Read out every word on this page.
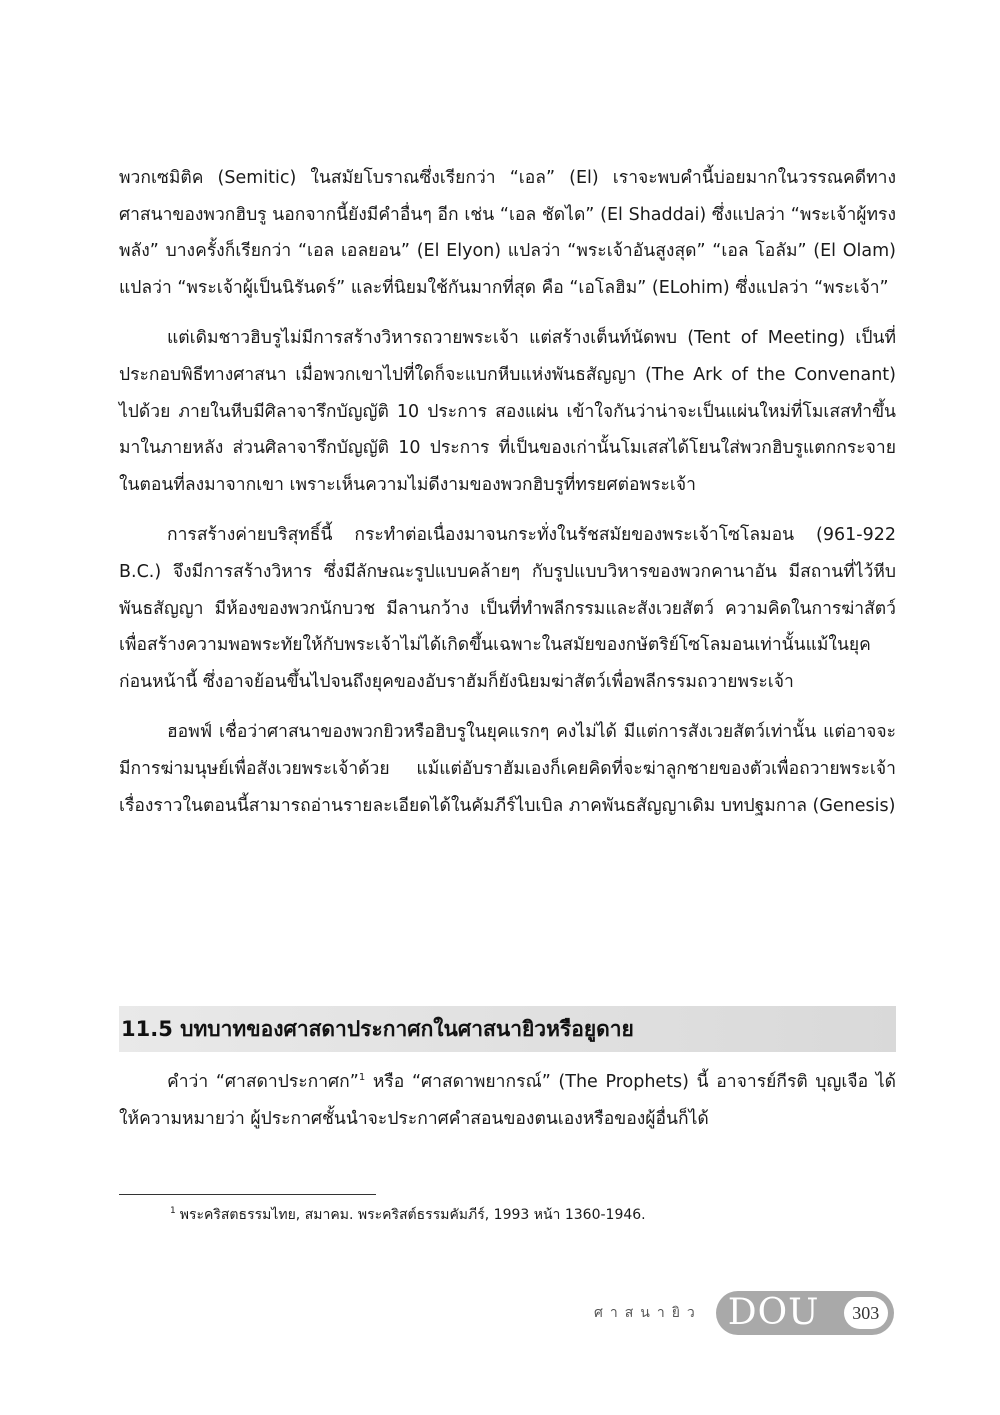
พวกเซมิติค (Semitic) ในสมัยโบราณซึ่งเรียกว่า “เอล” (El) เราจะพบคำนี้บ่อยมากในวรรณคดีทางศาสนาของพวกฮิบรู นอกจากนี้ยังมีคำอื่นๆ อีก เช่น “เอล ชัดได” (El Shaddai) ซึ่งแปลว่า “พระเจ้าผู้ทรงพลัง” บางครั้งก็เรียกว่า “เอล เอลยอน” (El Elyon) แปลว่า “พระเจ้าอันสูงสุด” “เอล โอลัม” (El Olam) แปลว่า “พระเจ้าผู้เป็นนิรันดร์” และที่นิยมใช้กันมากที่สุด คือ “เอโลฮิม” (ELohim) ซึ่งแปลว่า “พระเจ้า”

แต่เดิมชาวฮิบรูไม่มีการสร้างวิหารถวายพระเจ้า แต่สร้างเต็นท์นัดพบ (Tent of Meeting) เป็นที่ประกอบพิธีทางศาสนา เมื่อพวกเขาไปที่ใดก็จะแบกหีบแห่งพันธสัญญา (The Ark of the Convenant) ไปด้วย ภายในหีบมีศิลาจารึกบัญญัติ 10 ประการ สองแผ่น เข้าใจกันว่าน่าจะเป็นแผ่นใหม่ที่โมเสสทำขึ้นมาในภายหลัง ส่วนศิลาจารึกบัญญัติ 10 ประการ ที่เป็นของเก่านั้นโมเสสได้โยนใส่พวกฮิบรูแตกกระจายในตอนที่ลงมาจากเขา เพราะเห็นความไม่ดีงามของพวกฮิบรูที่ทรยศต่อพระเจ้า

การสร้างค่ายบริสุทธิ์นี้ กระทำต่อเนื่องมาจนกระทั่งในรัชสมัยของพระเจ้าโซโลมอน (961-922 B.C.) จึงมีการสร้างวิหาร ซึ่งมีลักษณะรูปแบบคล้ายๆ กับรูปแบบวิหารของพวกคานาอัน มีสถานที่ไว้หีบพันธสัญญา มีห้องของพวกนักบวช มีลานกว้าง เป็นที่ทำพลีกรรมและสังเวยสัตว์ ความคิดในการฆ่าสัตว์เพื่อสร้างความพอพระทัยให้กับพระเจ้าไม่ได้เกิดขึ้นเฉพาะในสมัยของกษัตริย์โซโลมอนเท่านั้นแม้ในยุคก่อนหน้านี้ ซึ่งอาจย้อนขึ้นไปจนถึงยุคของอับราฮัมก็ยังนิยมฆ่าสัตว์เพื่อพลีกรรมถวายพระเจ้า

ฮอพฟ์ เชื่อว่าศาสนาของพวกยิวหรือฮิบรูในยุคแรกๆ คงไม่ได้ มีแต่การสังเวยสัตว์เท่านั้น แต่อาจจะมีการฆ่ามนุษย์เพื่อสังเวยพระเจ้าด้วย แม้แต่อับราฮัมเองก็เคยคิดที่จะฆ่าลูกชายของตัวเพื่อถวายพระเจ้า เรื่องราวในตอนนี้สามารถอ่านรายละเอียดได้ในคัมภีร์ไบเบิล ภาคพันธสัญญาเดิม บทปฐมกาล (Genesis)

11.5 บทบาทของศาสดาประกาศกในศาสนายิวหรือยูดาย

คำว่า “ศาสดาประกาศก”$^1$ หรือ “ศาสดาพยากรณ์” (The Prophets) นี้ อาจารย์กีรติ บุญเจือ ได้ให้ความหมายว่า ผู้ประกาศชั้นนำจะประกาศคำสอนของตนเองหรือของผู้อื่นก็ได้

$^1$ พระคริสตธรรมไทย, สมาคม. พระคริสต์ธรรมคัมภีร์, 1993 หน้า 1360-1946.
ศาสนายิว DOU	303
